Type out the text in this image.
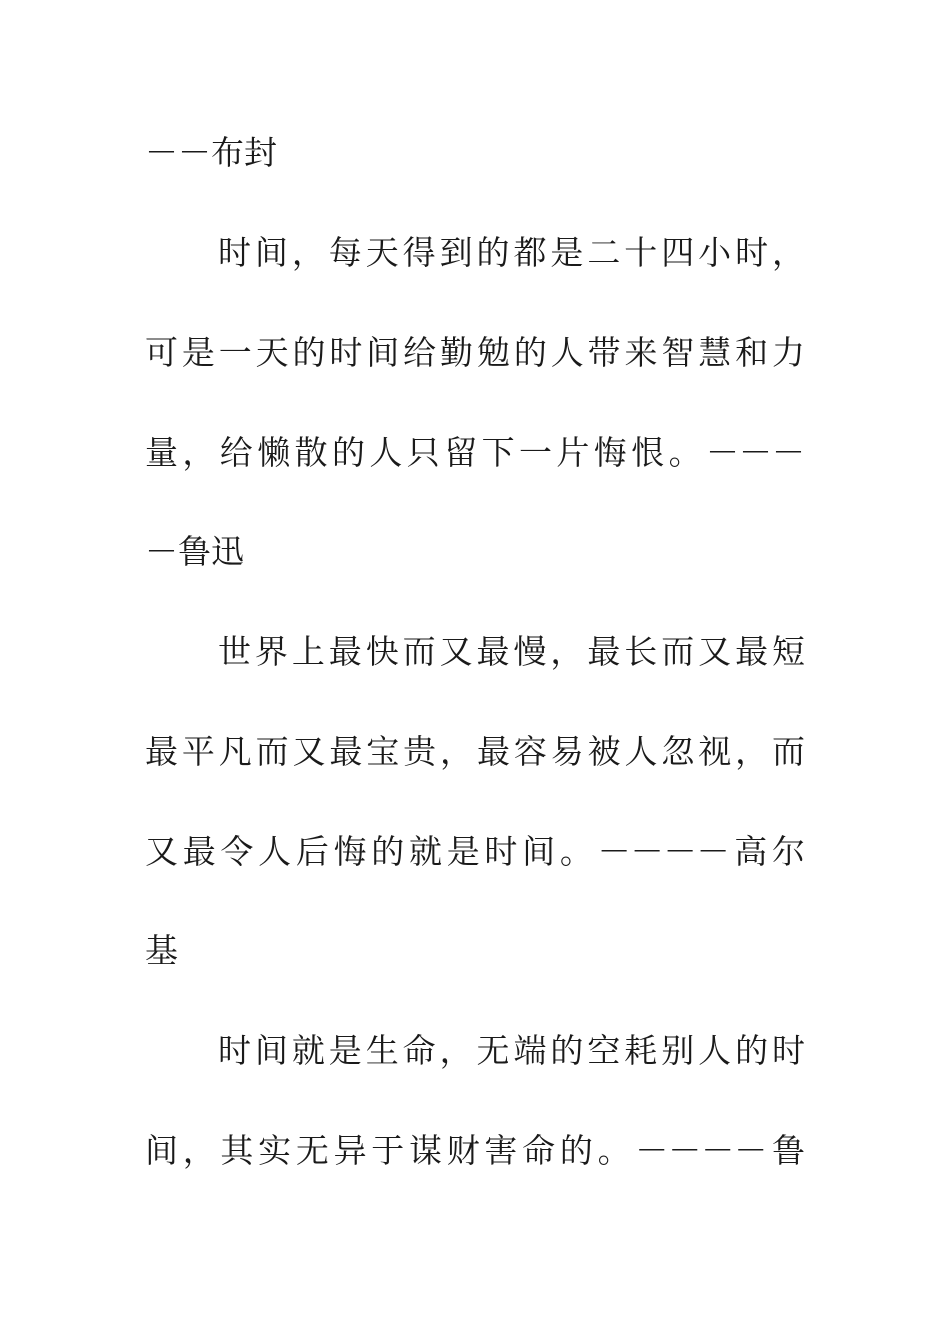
－－布封
时间，每天得到的都是二十四小时，
可是一天的时间给勤勉的人带来智慧和力
量，给懒散的人只留下一片悔恨。－－－
－鲁迅
世界上最快而又最慢，最长而又最短
最平凡而又最宝贵，最容易被人忽视，而
又最令人后悔的就是时间。－－－－高尔
基
时间就是生命，无端的空耗别人的时
间，其实无异于谋财害命的。－－－－鲁
